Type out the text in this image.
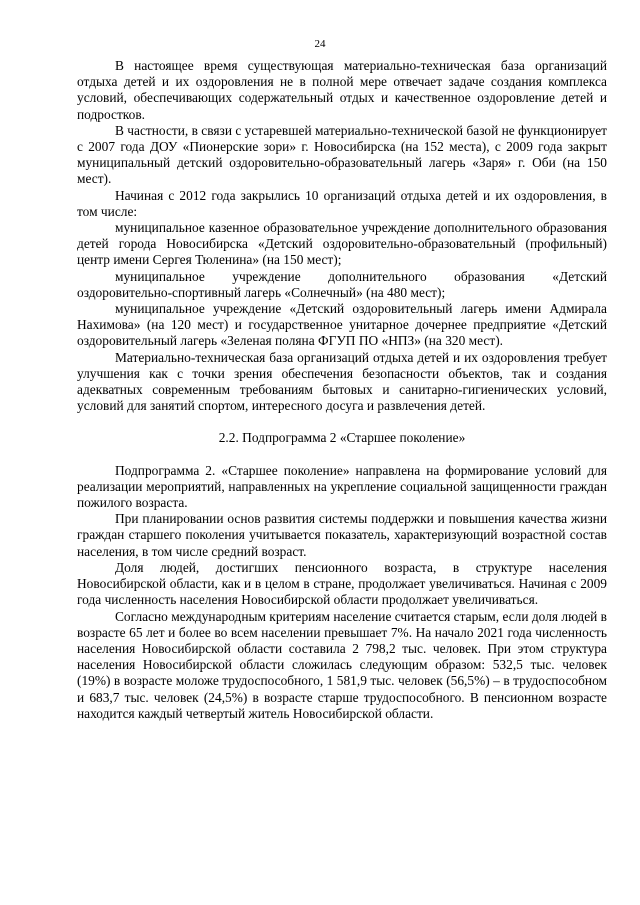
24

В настоящее время существующая материально-техническая база организаций отдыха детей и их оздоровления не в полной мере отвечает задаче создания комплекса условий, обеспечивающих содержательный отдых и качественное оздоровление детей и подростков.

В частности, в связи с устаревшей материально-технической базой не функционирует с 2007 года ДОУ «Пионерские зори» г. Новосибирска (на 152 места), с 2009 года закрыт муниципальный детский оздоровительно-образовательный лагерь «Заря» г. Оби (на 150 мест).

Начиная с 2012 года закрылись 10 организаций отдыха детей и их оздоровления, в том числе:

муниципальное казенное образовательное учреждение дополнительного образования детей города Новосибирска «Детский оздоровительно-образовательный (профильный) центр имени Сергея Тюленина» (на 150 мест);

муниципальное учреждение дополнительного образования «Детский оздоровительно-спортивный лагерь «Солнечный» (на 480 мест);

муниципальное учреждение «Детский оздоровительный лагерь имени Адмирала Нахимова» (на 120 мест) и государственное унитарное дочернее предприятие «Детский оздоровительный лагерь «Зеленая поляна ФГУП ПО «НПЗ» (на 320 мест).

Материально-техническая база организаций отдыха детей и их оздоровления требует улучшения как с точки зрения обеспечения безопасности объектов, так и создания адекватных современным требованиям бытовых и санитарно-гигиенических условий, условий для занятий спортом, интересного досуга и развлечения детей.

2.2. Подпрограмма 2 «Старшее поколение»

Подпрограмма 2. «Старшее поколение» направлена на формирование условий для реализации мероприятий, направленных на укрепление социальной защищенности граждан пожилого возраста.

При планировании основ развития системы поддержки и повышения качества жизни граждан старшего поколения учитывается показатель, характеризующий возрастной состав населения, в том числе средний возраст.

Доля людей, достигших пенсионного возраста, в структуре населения Новосибирской области, как и в целом в стране, продолжает увеличиваться. Начиная с 2009 года численность населения Новосибирской области продолжает увеличиваться.

Согласно международным критериям население считается старым, если доля людей в возрасте 65 лет и более во всем населении превышает 7%. На начало 2021 года численность населения Новосибирской области составила 2 798,2 тыс. человек. При этом структура населения Новосибирской области сложилась следующим образом: 532,5 тыс. человек (19%) в возрасте моложе трудоспособного, 1 581,9 тыс. человек (56,5%) – в трудоспособном и 683,7 тыс. человек (24,5%) в возрасте старше трудоспособного. В пенсионном возрасте находится каждый четвертый житель Новосибирской области.
